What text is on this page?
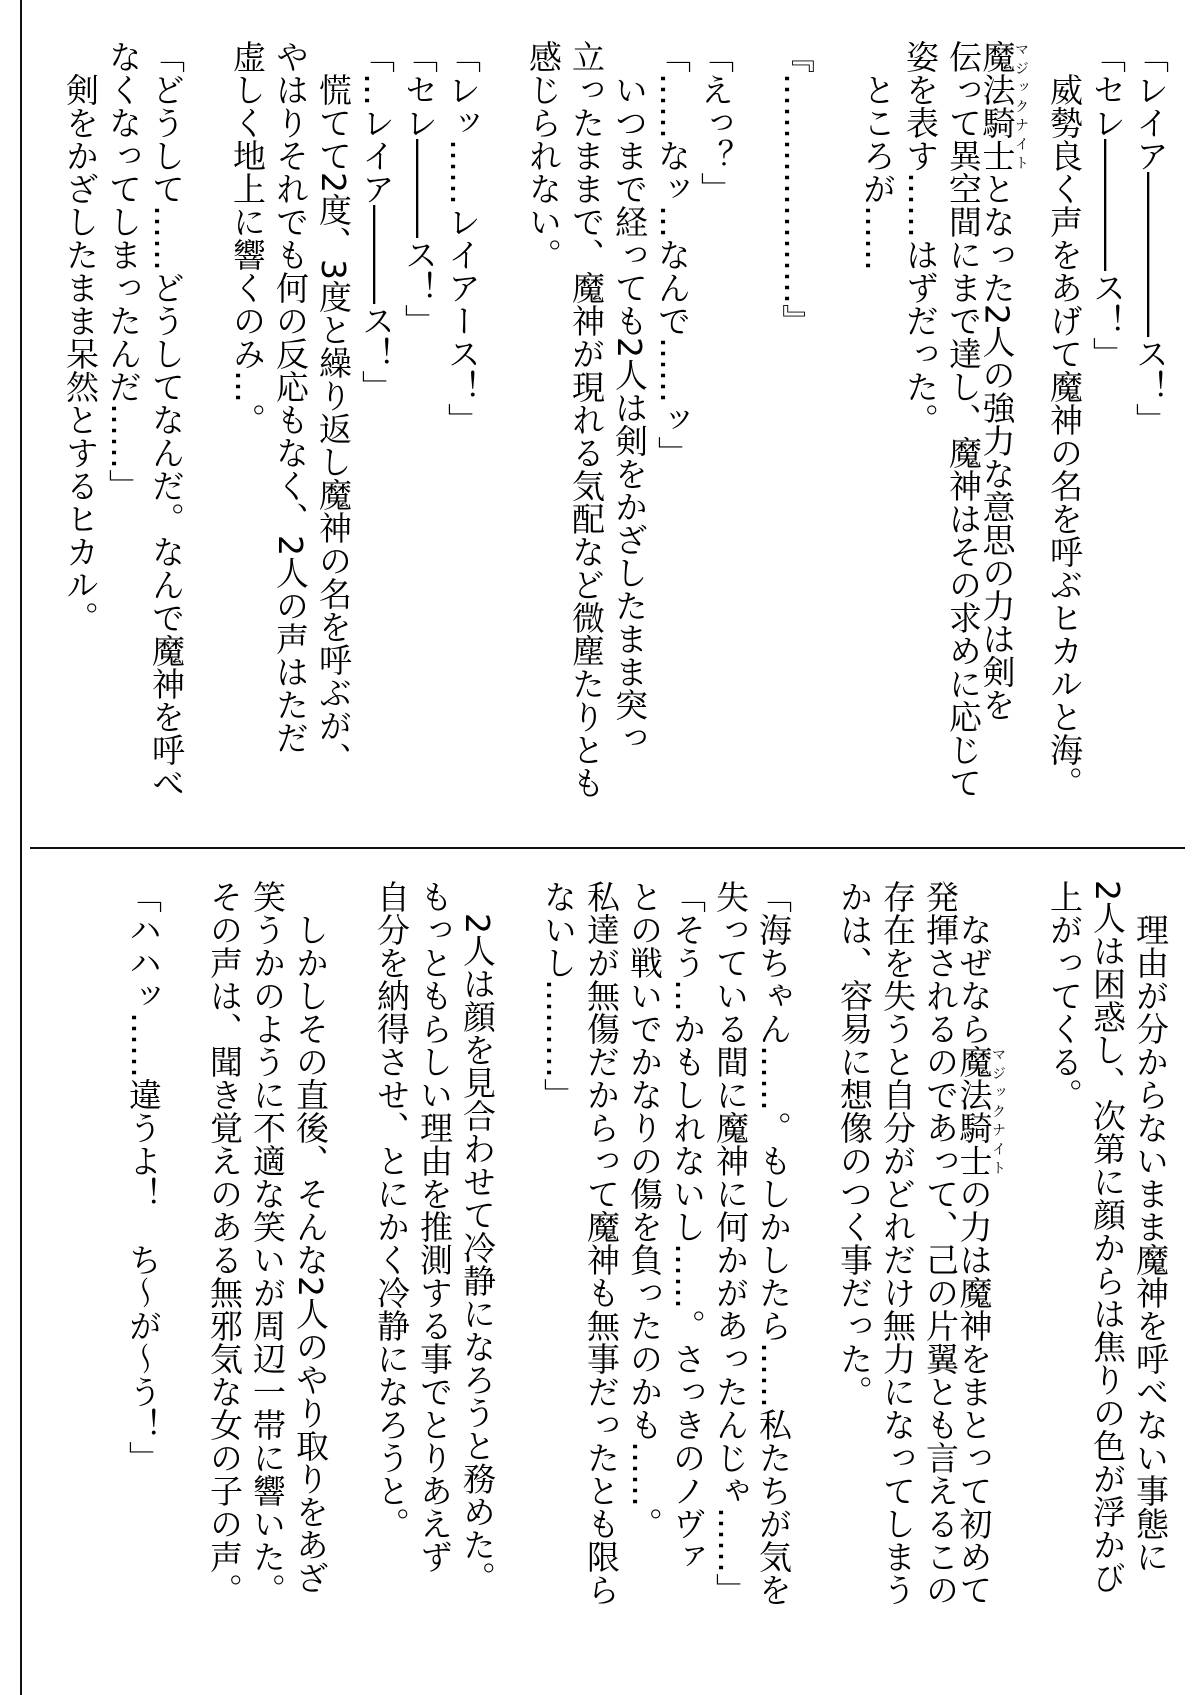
「レイア―――――ス！」
「セレ――――ス！」
　威勢良く声をあげて魔神の名を呼ぶヒカルと海。
魔法騎士マジックナイトとなった2人の強力な意思の力は剣を
伝って異空間にまで達し、魔神はその求めに応じて
姿を表す……はずだった。
　ところが……
『…………………』
「えっ？」
「……なッ…なんで……ッ」
　いつまで経っても2人は剣をかざしたまま突っ
立ったままで、魔神が現れる気配など微塵たりとも
感じられない。
「レッ……レイアース！」
「セレ―――ス！」
「…レイア―――ス！」
　慌てて2度、3度と繰り返し魔神の名を呼ぶが、
やはりそれでも何の反応もなく、2人の声はただ
虚しく地上に響くのみ…。
「どうして……どうしてなんだ。なんで魔神を呼べ
なくなってしまったんだ……」
　剣をかざしたまま呆然とするヒカル。
　理由が分からないまま魔神を呼べない事態に
2人は困惑し、次第に顔からは焦りの色が浮かび
上がってくる。
　なぜなら魔法騎士マジックナイトの力は魔神をまとって初めて
発揮されるのであって、己の片翼とも言えるこの
存在を失うと自分がどれだけ無力になってしまう
かは、容易に想像のつく事だった。
「海ちゃん……。もしかしたら……私たちが気を
失っている間に魔神に何かがあったんじゃ……」
「そう…かもしれないし……。さっきのノヴァ
との戦いでかなりの傷を負ったのかも……。
私達が無傷だからって魔神も無事だったとも限ら
ないし………」
　2人は顔を見合わせて冷静になろうと務めた。
もっともらしい理由を推測する事でとりあえず
自分を納得させ、とにかく冷静になろうと。
　しかしその直後、そんな2人のやり取りをあざ
笑うかのように不適な笑いが周辺一帯に響いた。
その声は、聞き覚えのある無邪気な女の子の声。
「ハハッ……違うよ！　ち〜が〜う！」
